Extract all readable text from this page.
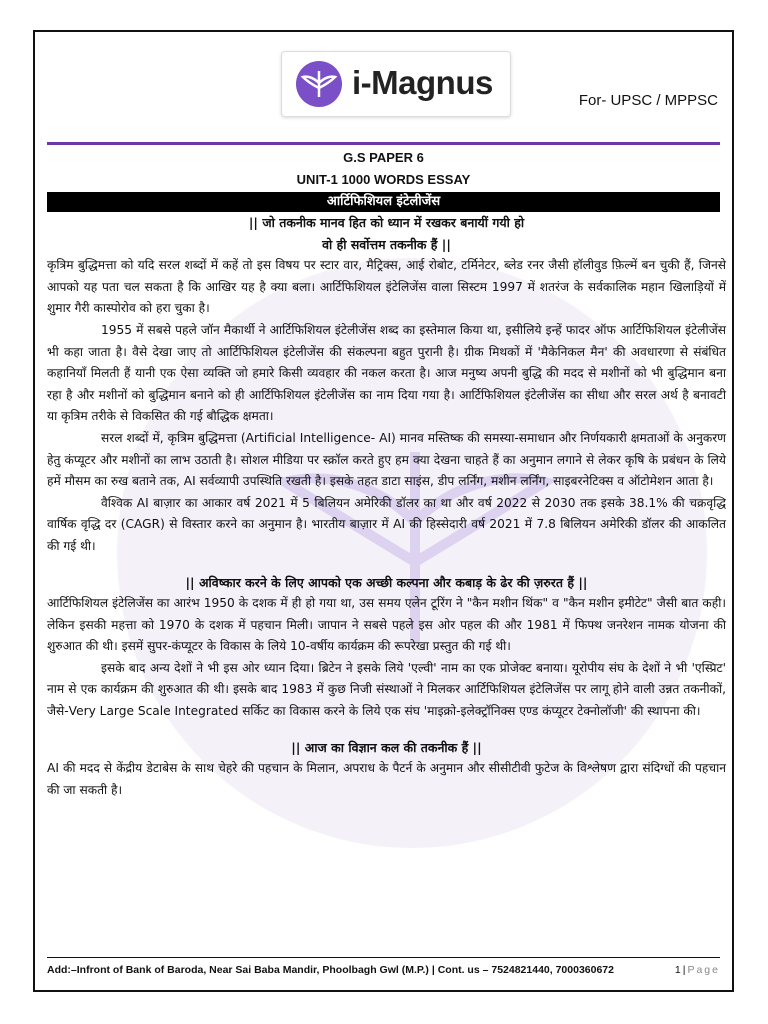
i-Magnus	For- UPSC / MPPSC
G.S PAPER 6
UNIT-1 1000 WORDS ESSAY
आर्टिफिशियल इंटेलीजेंस

|| जो तकनीक मानव हित को ध्यान में रखकर बनायीं गयी हो

वो ही सर्वोत्तम तकनीक हैं ||

कृत्रिम बुद्धिमत्ता को यदि सरल शब्दों में कहें तो इस विषय पर स्टार वार, मैट्रिक्स, आई रोबोट, टर्मिनेटर, ब्लेड रनर जैसी हॉलीवुड फ़िल्में बन चुकी हैं, जिनसे आपको यह पता चल सकता है कि आखिर यह है क्या बला। आर्टिफिशियल इंटेलिजेंस वाला सिस्टम 1997 में शतरंज के सर्वकालिक महान खिलाड़ियों में शुमार गैरी कास्पोरोव को हरा चुका है।

1955 में सबसे पहले जॉन मैकार्थी ने आर्टिफिशियल इंटेलीजेंस शब्द का इस्तेमाल किया था, इसीलिये इन्हें फादर ऑफ आर्टिफिशियल इंटेलीजेंस भी कहा जाता है। वैसे देखा जाए तो आर्टिफिशियल इंटेलीजेंस की संकल्पना बहुत पुरानी है। ग्रीक मिथकों में 'मैकेनिकल मैन' की अवधारणा से संबंधित कहानियाँ मिलती हैं यानी एक ऐसा व्यक्ति जो हमारे किसी व्यवहार की नकल करता है। आज मनुष्य अपनी बुद्धि की मदद से मशीनों को भी बुद्धिमान बना रहा है और मशीनों को बुद्धिमान बनाने को ही आर्टिफिशियल इंटेलीजेंस का नाम दिया गया है। आर्टिफिशियल इंटेलीजेंस का सीधा और सरल अर्थ है बनावटी या कृत्रिम तरीके से विकसित की गई बौद्धिक क्षमता।

सरल शब्दों में, कृत्रिम बुद्धिमत्ता (Artificial Intelligence- AI) मानव मस्तिष्क की समस्या-समाधान और निर्णयकारी क्षमताओं के अनुकरण हेतु कंप्यूटर और मशीनों का लाभ उठाती है। सोशल मीडिया पर स्क्रॉल करते हुए हम क्या देखना चाहते हैं का अनुमान लगाने से लेकर कृषि के प्रबंधन के लिये हमें मौसम का रुख बताने तक, AI सर्वव्यापी उपस्थिति रखती है। इसके तहत डाटा साइंस, डीप लर्निंग, मशीन लर्निंग, साइबरनेटिक्स व ऑटोमेशन आता है।

वैश्विक AI बाज़ार का आकार वर्ष 2021 में 5 बिलियन अमेरिकी डॉलर का था और वर्ष 2022 से 2030 तक इसके 38.1% की चक्रवृद्धि वार्षिक वृद्धि दर (CAGR) से विस्तार करने का अनुमान है। भारतीय बाज़ार में AI की हिस्सेदारी वर्ष 2021 में 7.8 बिलियन अमेरिकी डॉलर की आकलित की गई थी।

|| अविष्कार करने के लिए आपको एक अच्छी कल्पना और कबाड़ के ढेर की ज़रुरत हैं ||

आर्टिफिशियल इंटेलिजेंस का आरंभ 1950 के दशक में ही हो गया था, उस समय एलेन टूरिंग ने "कैन मशीन थिंक" व "कैन मशीन इमीटेट" जैसी बात कही। लेकिन इसकी महत्ता को 1970 के दशक में पहचान मिली। जापान ने सबसे पहले इस ओर पहल की और 1981 में फिफ्थ जनरेशन नामक योजना की शुरुआत की थी। इसमें सुपर-कंप्यूटर के विकास के लिये 10-वर्षीय कार्यक्रम की रूपरेखा प्रस्तुत की गई थी।

इसके बाद अन्य देशों ने भी इस ओर ध्यान दिया। ब्रिटेन ने इसके लिये 'एल्वी' नाम का एक प्रोजेक्ट बनाया। यूरोपीय संघ के देशों ने भी 'एस्प्रिट' नाम से एक कार्यक्रम की शुरुआत की थी। इसके बाद 1983 में कुछ निजी संस्थाओं ने मिलकर आर्टिफिशियल इंटेलिजेंस पर लागू होने वाली उन्नत तकनीकों, जैसे-Very Large Scale Integrated सर्किट का विकास करने के लिये एक संघ 'माइक्रो-इलेक्ट्रॉनिक्स एण्ड कंप्यूटर टेक्नोलॉजी' की स्थापना की।

|| आज का विज्ञान कल की तकनीक हैं ||

AI की मदद से केंद्रीय डेटाबेस के साथ चेहरे की पहचान के मिलान, अपराध के पैटर्न के अनुमान और सीसीटीवी फुटेज के विश्लेषण द्वारा संदिग्धों की पहचान की जा सकती है।

Add:–Infront of Bank of Baroda, Near Sai Baba Mandir, Phoolbagh Gwl (M.P.) | Cont. us – 7524821440, 7000360672	1 | Page
